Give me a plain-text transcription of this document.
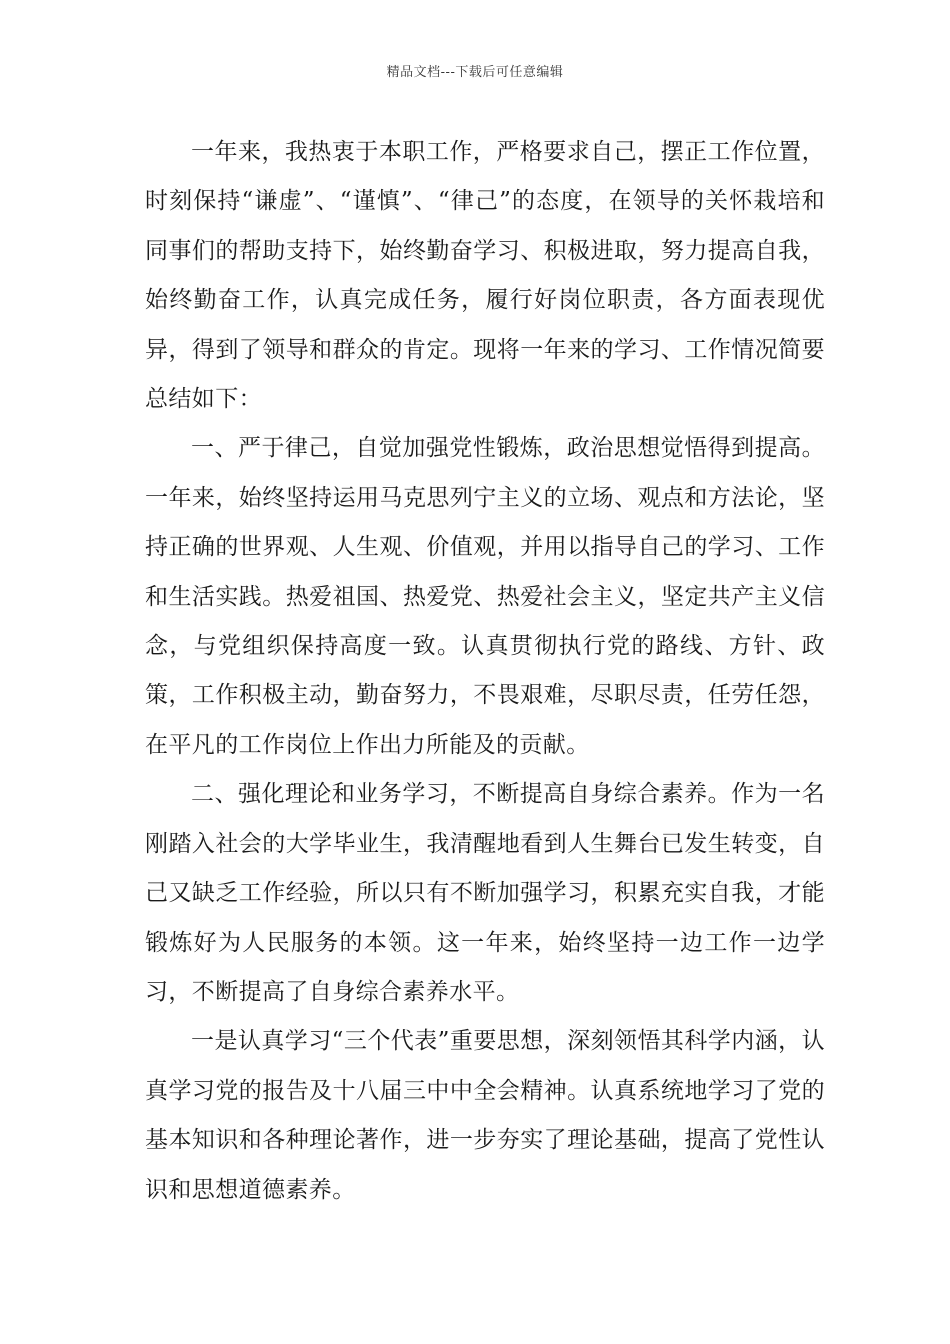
精品文档---下载后可任意编辑

一年来，我热衷于本职工作，严格要求自己，摆正工作位置，时刻保持“谦虚”、“谨慎”、“律己”的态度，在领导的关怀栽培和同事们的帮助支持下，始终勤奋学习、积极进取，努力提高自我，始终勤奋工作，认真完成任务，履行好岗位职责，各方面表现优异，得到了领导和群众的肯定。现将一年来的学习、工作情况简要总结如下：

一、严于律己，自觉加强党性锻炼，政治思想觉悟得到提高。一年来，始终坚持运用马克思列宁主义的立场、观点和方法论，坚持正确的世界观、人生观、价值观，并用以指导自己的学习、工作和生活实践。热爱祖国、热爱党、热爱社会主义，坚定共产主义信念，与党组织保持高度一致。认真贯彻执行党的路线、方针、政策，工作积极主动，勤奋努力，不畏艰难，尽职尽责，任劳任怨，在平凡的工作岗位上作出力所能及的贡献。

二、强化理论和业务学习，不断提高自身综合素养。作为一名刚踏入社会的大学毕业生，我清醒地看到人生舞台已发生转变，自己又缺乏工作经验，所以只有不断加强学习，积累充实自我，才能锻炼好为人民服务的本领。这一年来，始终坚持一边工作一边学习，不断提高了自身综合素养水平。

一是认真学习“三个代表”重要思想，深刻领悟其科学内涵，认真学习党的报告及十八届三中中全会精神。认真系统地学习了党的基本知识和各种理论著作，进一步夯实了理论基础，提高了党性认识和思想道德素养。
